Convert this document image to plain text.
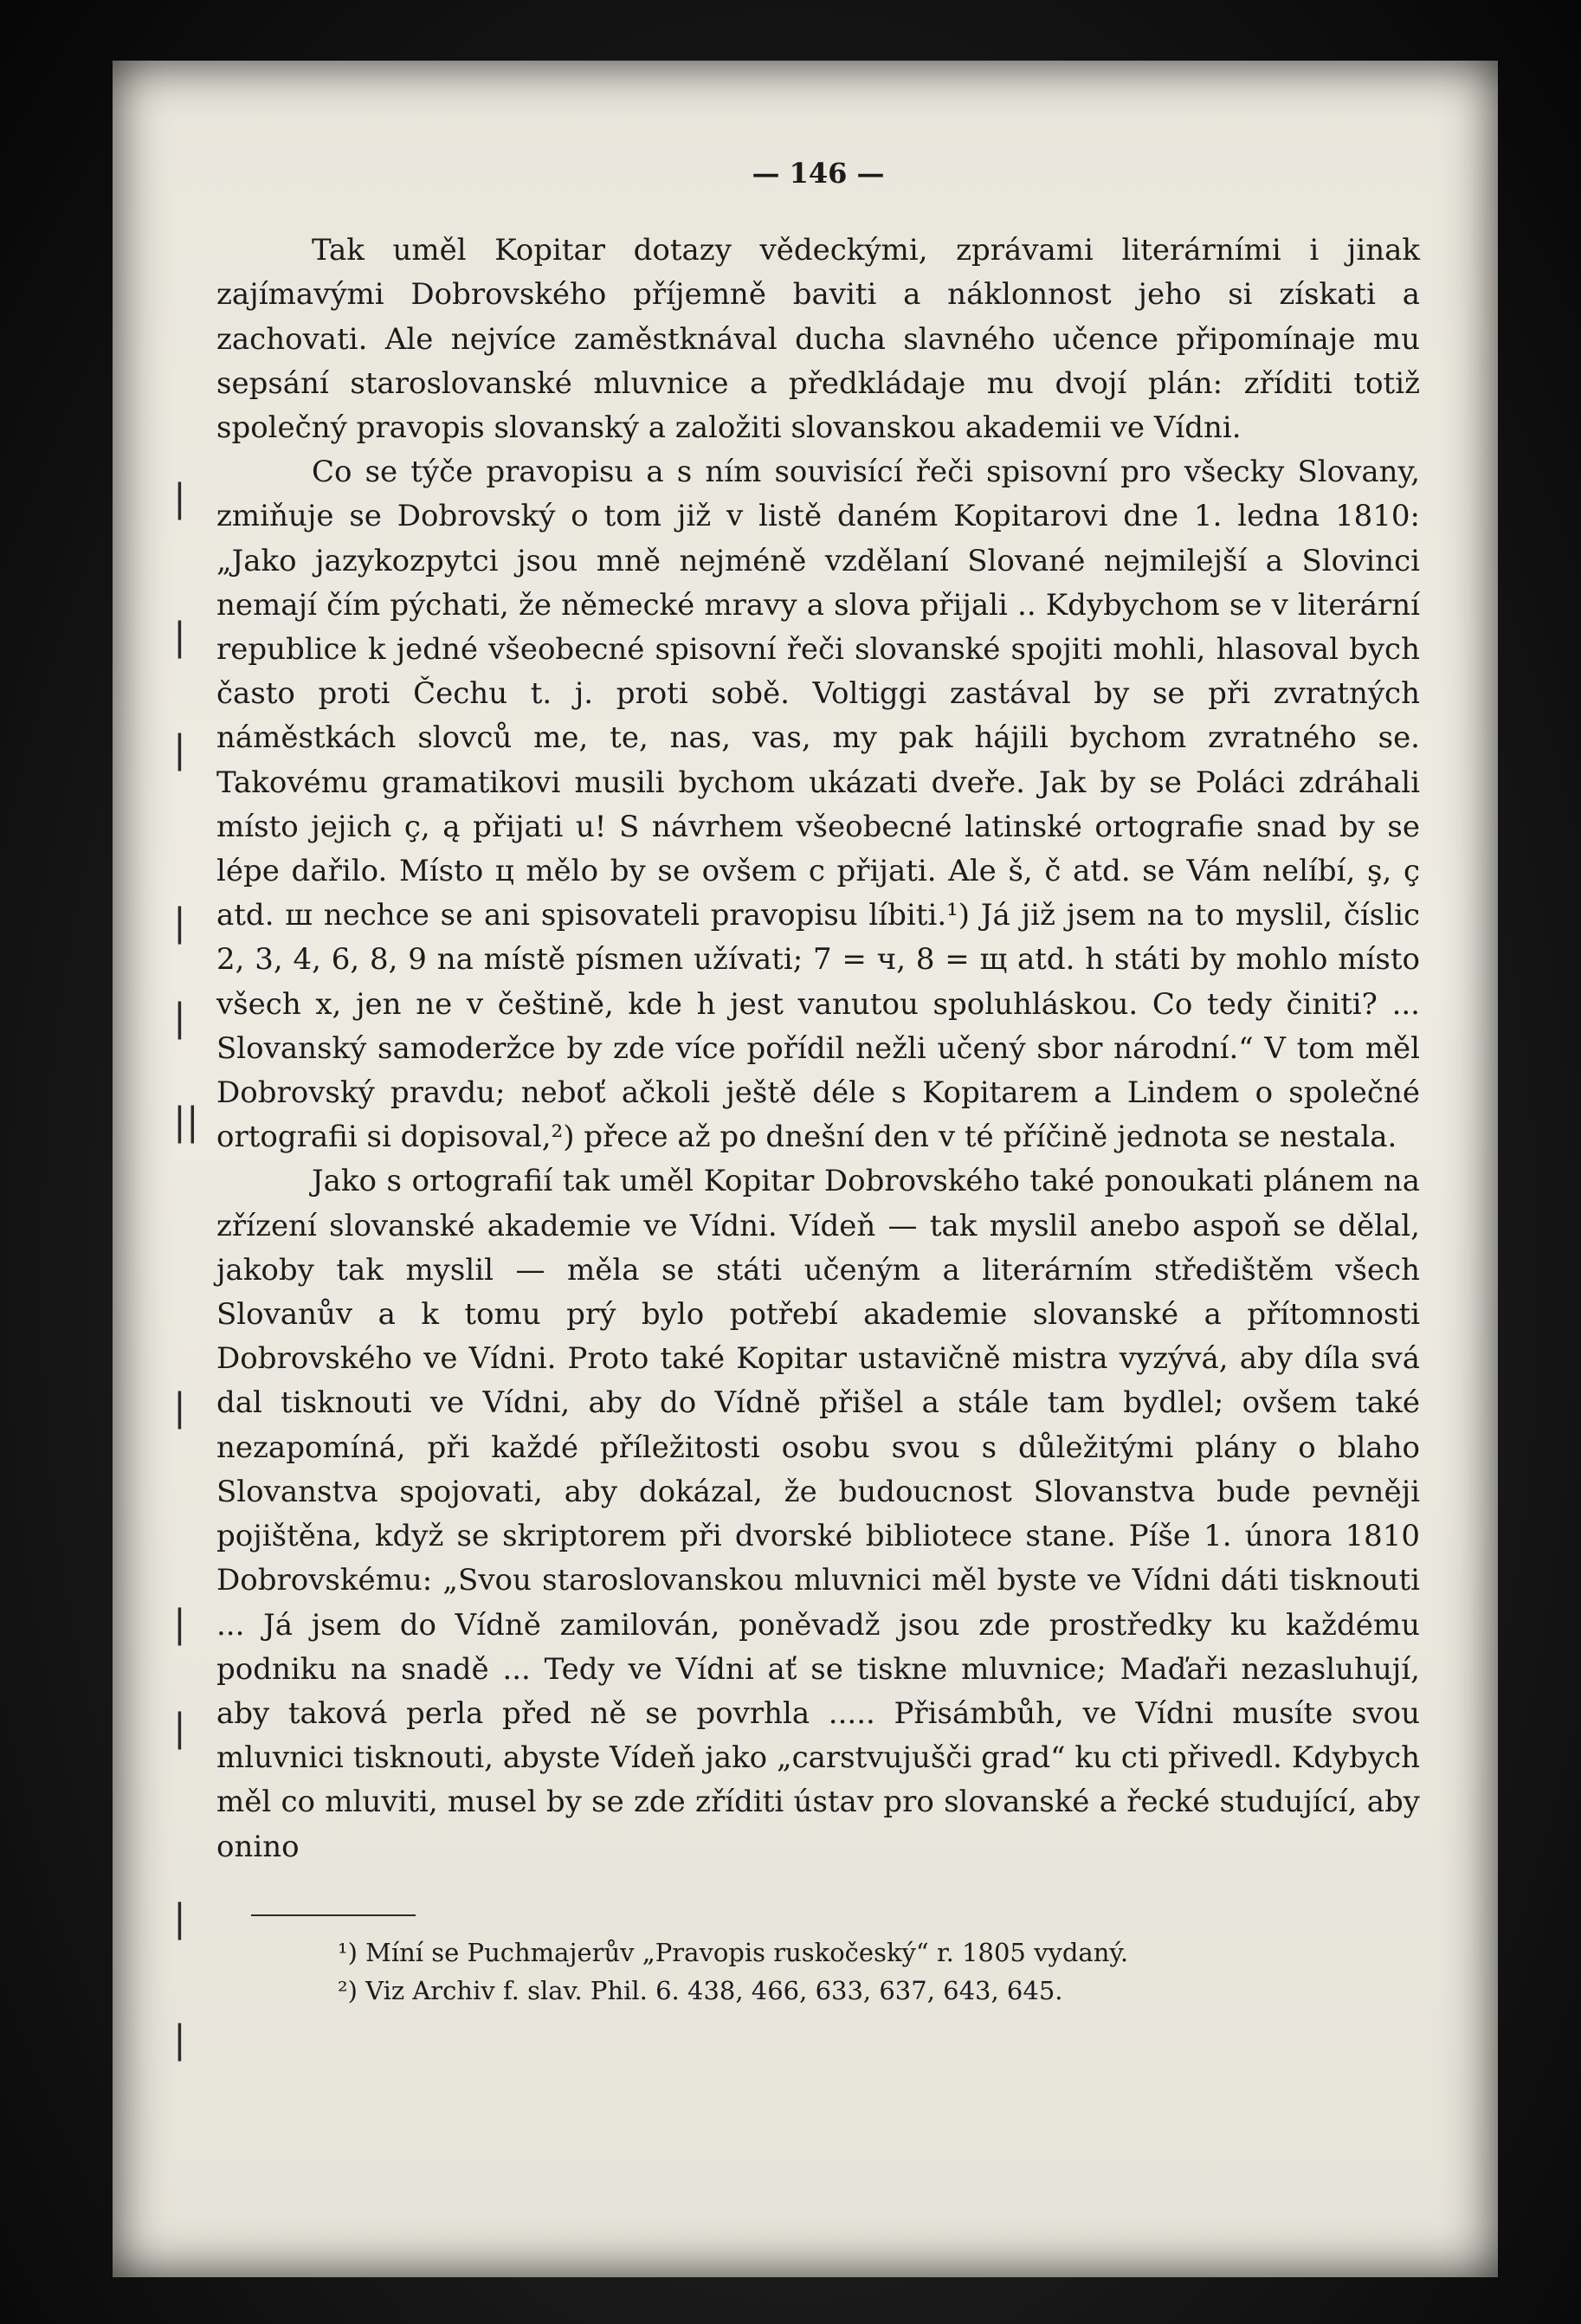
|
|
|
|
|
||
|
|
|
|
|
— 146 —

Tak uměl Kopitar dotazy vědeckými, zprávami literárními i jinak zajímavými Dobrovského příjemně baviti a náklonnost jeho si získati a zachovati. Ale nejvíce zaměstknával ducha slavného učence připomínaje mu sepsání staroslovanské mluvnice a předkládaje mu dvojí plán: zříditi totiž společný pravopis slovanský a založiti slovanskou akademii ve Vídni.

Co se týče pravopisu a s ním souvisící řeči spisovní pro všecky Slovany, zmiňuje se Dobrovský o tom již v listě daném Kopitarovi dne 1. ledna 1810: „Jako jazykozpytci jsou mně nejméně vzdělaní Slované nejmilejší a Slovinci nemají čím pýchati, že německé mravy a slova přijali .. Kdybychom se v literární republice k jedné všeobecné spisovní řeči slovanské spojiti mohli, hlasoval bych často proti Čechu t. j. proti sobě. Voltiggi zastával by se při zvratných náměstkách slovců me, te, nas, vas, my pak hájili bychom zvratného se. Takovému gramatikovi musili bychom ukázati dveře. Jak by se Poláci zdráhali místo jejich ç, ą přijati u! S návrhem všeobecné latinské ortografie snad by se lépe dařilo. Místo ц mělo by se ovšem c přijati. Ale š, č atd. se Vám nelíbí, ş, ç atd. ш nechce se ani spisovateli pravopisu líbiti.¹) Já již jsem na to myslil, číslic 2, 3, 4, 6, 8, 9 na místě písmen užívati; 7 = ч, 8 = щ atd. h státi by mohlo místo všech x, jen ne v češtině, kde h jest vanutou spoluhláskou. Co tedy činiti? ... Slovanský samoderžce by zde více pořídil nežli učený sbor národní.“ V tom měl Dobrovský pravdu; neboť ačkoli ještě déle s Kopitarem a Lindem o společné ortografii si dopisoval,²) přece až po dnešní den v té příčině jednota se nestala.

Jako s ortografií tak uměl Kopitar Dobrovského také ponoukati plánem na zřízení slovanské akademie ve Vídni. Vídeň — tak myslil anebo aspoň se dělal, jakoby tak myslil — měla se státi učeným a literárním středištěm všech Slovanův a k tomu prý bylo potřebí akademie slovanské a přítomnosti Dobrovského ve Vídni. Proto také Kopitar ustavičně mistra vyzývá, aby díla svá dal tisknouti ve Vídni, aby do Vídně přišel a stále tam bydlel; ovšem také nezapomíná, při každé příležitosti osobu svou s důležitými plány o blaho Slovanstva spojovati, aby dokázal, že budoucnost Slovanstva bude pevněji pojištěna, když se skriptorem při dvorské bibliotece stane. Píše 1. února 1810 Dobrovskému: „Svou staroslovanskou mluvnici měl byste ve Vídni dáti tisknouti ... Já jsem do Vídně zamilován, poněvadž jsou zde prostředky ku každému podniku na snadě ... Tedy ve Vídni ať se tiskne mluvnice; Maďaři nezasluhují, aby taková perla před ně se povrhla ..... Přisámbůh, ve Vídni musíte svou mluvnici tisknouti, abyste Vídeň jako „carstvujušči grad“ ku cti přivedl. Kdybych měl co mluviti, musel by se zde zříditi ústav pro slovanské a řecké studující, aby onino

¹) Míní se Puchmajerův „Pravopis ruskočeský“ r. 1805 vydaný.
²) Viz Archiv f. slav. Phil. 6. 438, 466, 633, 637, 643, 645.
